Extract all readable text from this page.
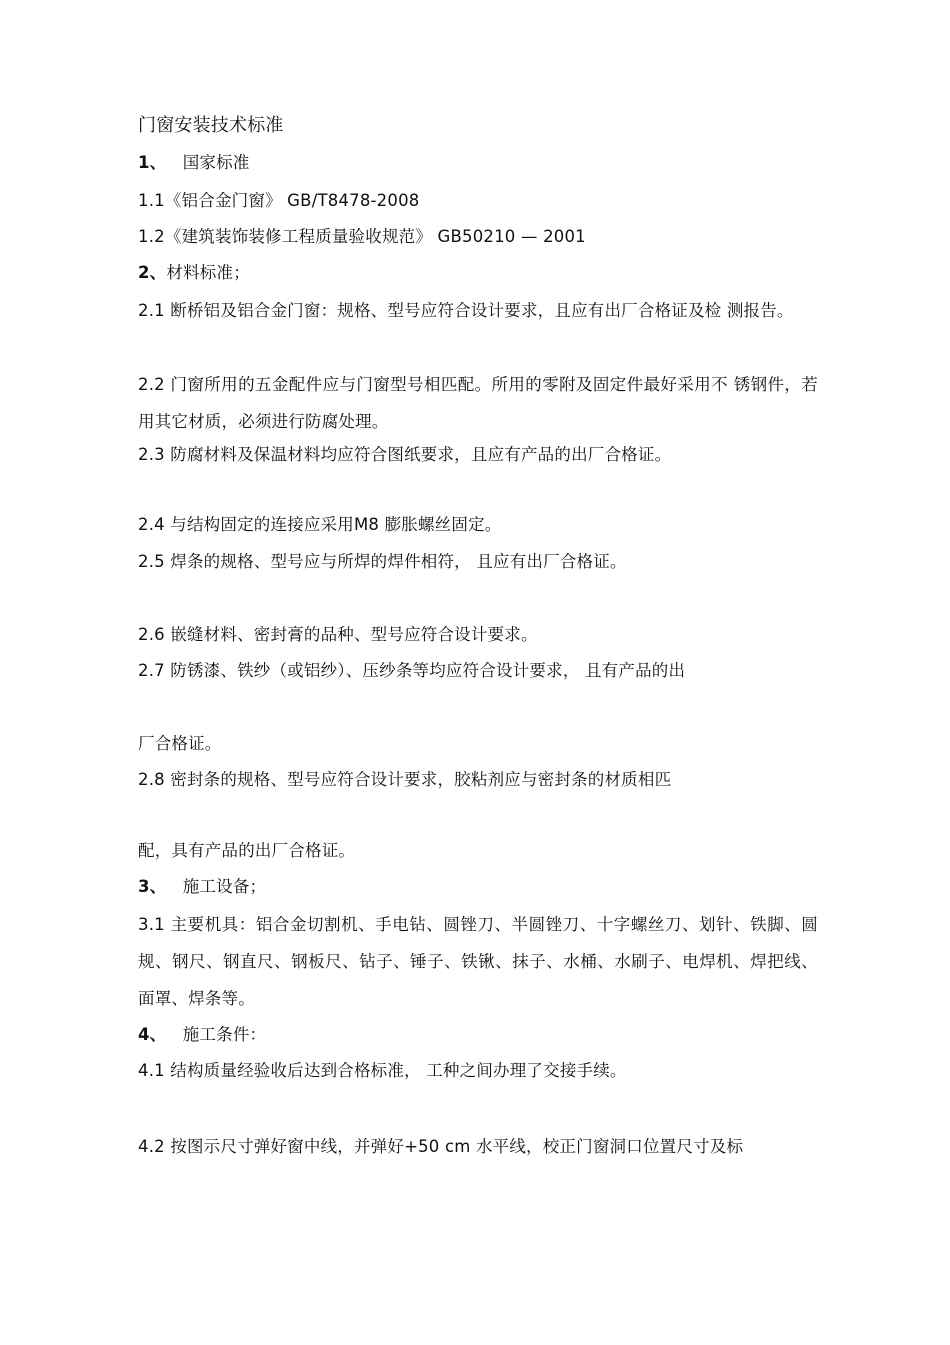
门窗安装技术标准
1、 国家标准
1.1《铝合金门窗》 GB/T8478-2008
1.2《建筑装饰装修工程质量验收规范》 GB50210 — 2001
2、材料标准；
2.1 断桥铝及铝合金门窗：规格、型号应符合设计要求，且应有出厂合格证及检 测报告。
2.2 门窗所用的五金配件应与门窗型号相匹配。所用的零附及固定件最好采用不 锈钢件，若用其它材质，必须进行防腐处理。
2.3 防腐材料及保温材料均应符合图纸要求，且应有产品的出厂合格证。
2.4 与结构固定的连接应采用M8 膨胀螺丝固定。
2.5 焊条的规格、型号应与所焊的焊件相符， 且应有出厂合格证。
2.6 嵌缝材料、密封膏的品种、型号应符合设计要求。
2.7 防锈漆、铁纱（或铝纱）、压纱条等均应符合设计要求， 且有产品的出
厂合格证。
2.8 密封条的规格、型号应符合设计要求，胶粘剂应与密封条的材质相匹
配，具有产品的出厂合格证。
3、 施工设备；
3.1 主要机具：铝合金切割机、手电钻、圆锉刀、半圆锉刀、十字螺丝刀、划针、铁脚、圆规、钢尺、钢直尺、钢板尺、钻子、锤子、铁锹、抹子、水桶、水刷子、电焊机、焊把线、面罩、焊条等。
4、 施工条件：
4.1 结构质量经验收后达到合格标准， 工种之间办理了交接手续。
4.2 按图示尺寸弹好窗中线，并弹好+50 cm 水平线，校正门窗洞口位置尺寸及标
